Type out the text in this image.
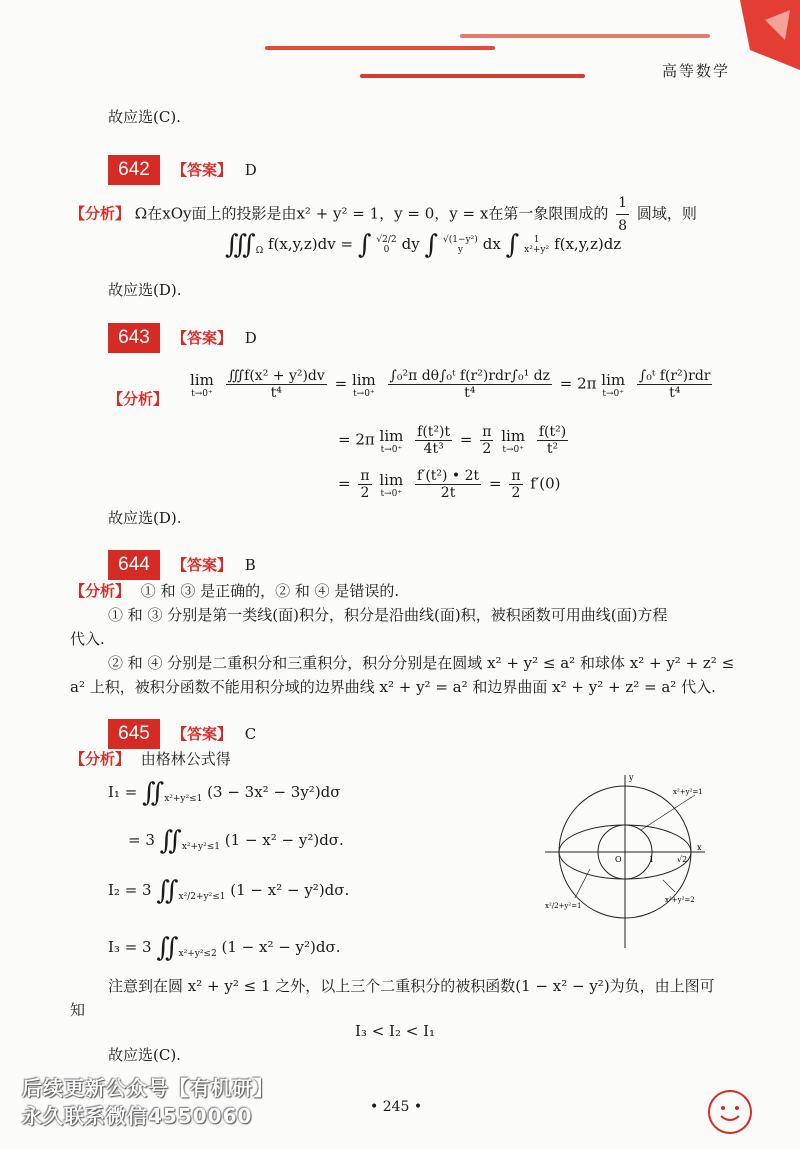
高等数学
故应选(C).
642	【答案】 D
【分析】 Ω在xOy面上的投影是由x² + y² = 1，y = 0，y = x在第一象限围成的 $\frac{1}{8}$ 圆域，则
$∭_\Omega$ f(x,y,z)dv = ∫ √2/2
0 dy ∫ √(1−y²)
y	dx ∫	1
x²+y² f(x,y,z)dz
故应选(D).
643	【答案】 D
【分析】
lim
t→0⁺
$\frac{\text{∭f(x² + y²)dv}}{\text{t⁴}} = \lim$
t→0⁺
$\frac{\text{∫₀²π dθ∫₀ᵗ f(r²)rdr∫₀¹ dz}}{\text{t⁴}} = 2\pi$ lim
t→0⁺
$\frac{\text{∫₀ᵗ f(r²)rdr}}{\text{t⁴}}$
= 2π lim
t→0⁺
$\frac{\text{f(t²)t}}{\text{4t³}} = \frac{\pi}{2}$ lim
t→0⁺
$\frac{\text{f(t²)}}{\text{t²}}$
= $\frac{\pi}{2}$ lim
t→0⁺
$\frac{\text{f′(t²) • 2t}}{2t} = \frac{\pi}{2} f'(0)$
故应选(D).
644	【答案】 B
【分析】 ① 和 ③ 是正确的，② 和 ④ 是错误的.
① 和 ③ 分别是第一类线(面)积分，积分是沿曲线(面)积，被积函数可用曲线(面)方程
代入.
② 和 ④ 分别是二重积分和三重积分，积分分别是在圆域 x² + y² ≤ a² 和球体 x² + y² + z² ≤
a² 上积，被积分函数不能用积分域的边界曲线 x² + y² = a² 和边界曲面 x² + y² + z² = a² 代入.
645	【答案】 C
【分析】 由格林公式得
$I_1 = ∬_{x^2+y^2\le 1}$ (3 − 3x² − 3y²)dσ
= 3 $∬_{x^2+y^2\le 1}$ (1 − x² − y²)dσ.
I₂ = 3 $∬_{x^2/2+y^2\le 1}$ (1 − x² − y²)dσ.
I₃ = 3 $∬_{x^2+y^2\le 2}$ (1 − x² − y²)dσ.
y
x
O	1	√2
x²+y²=1
x²+y²=2
x²/2+y²=1
注意到在圆 x² + y² ≤ 1 之外，以上三个二重积分的被积函数(1 − x² − y²)为负，由上图可
知
I₃ < I₂ < I₁
故应选(C).
• 245 •
后续更新公众号【有机研】
永久联系微信4550060
